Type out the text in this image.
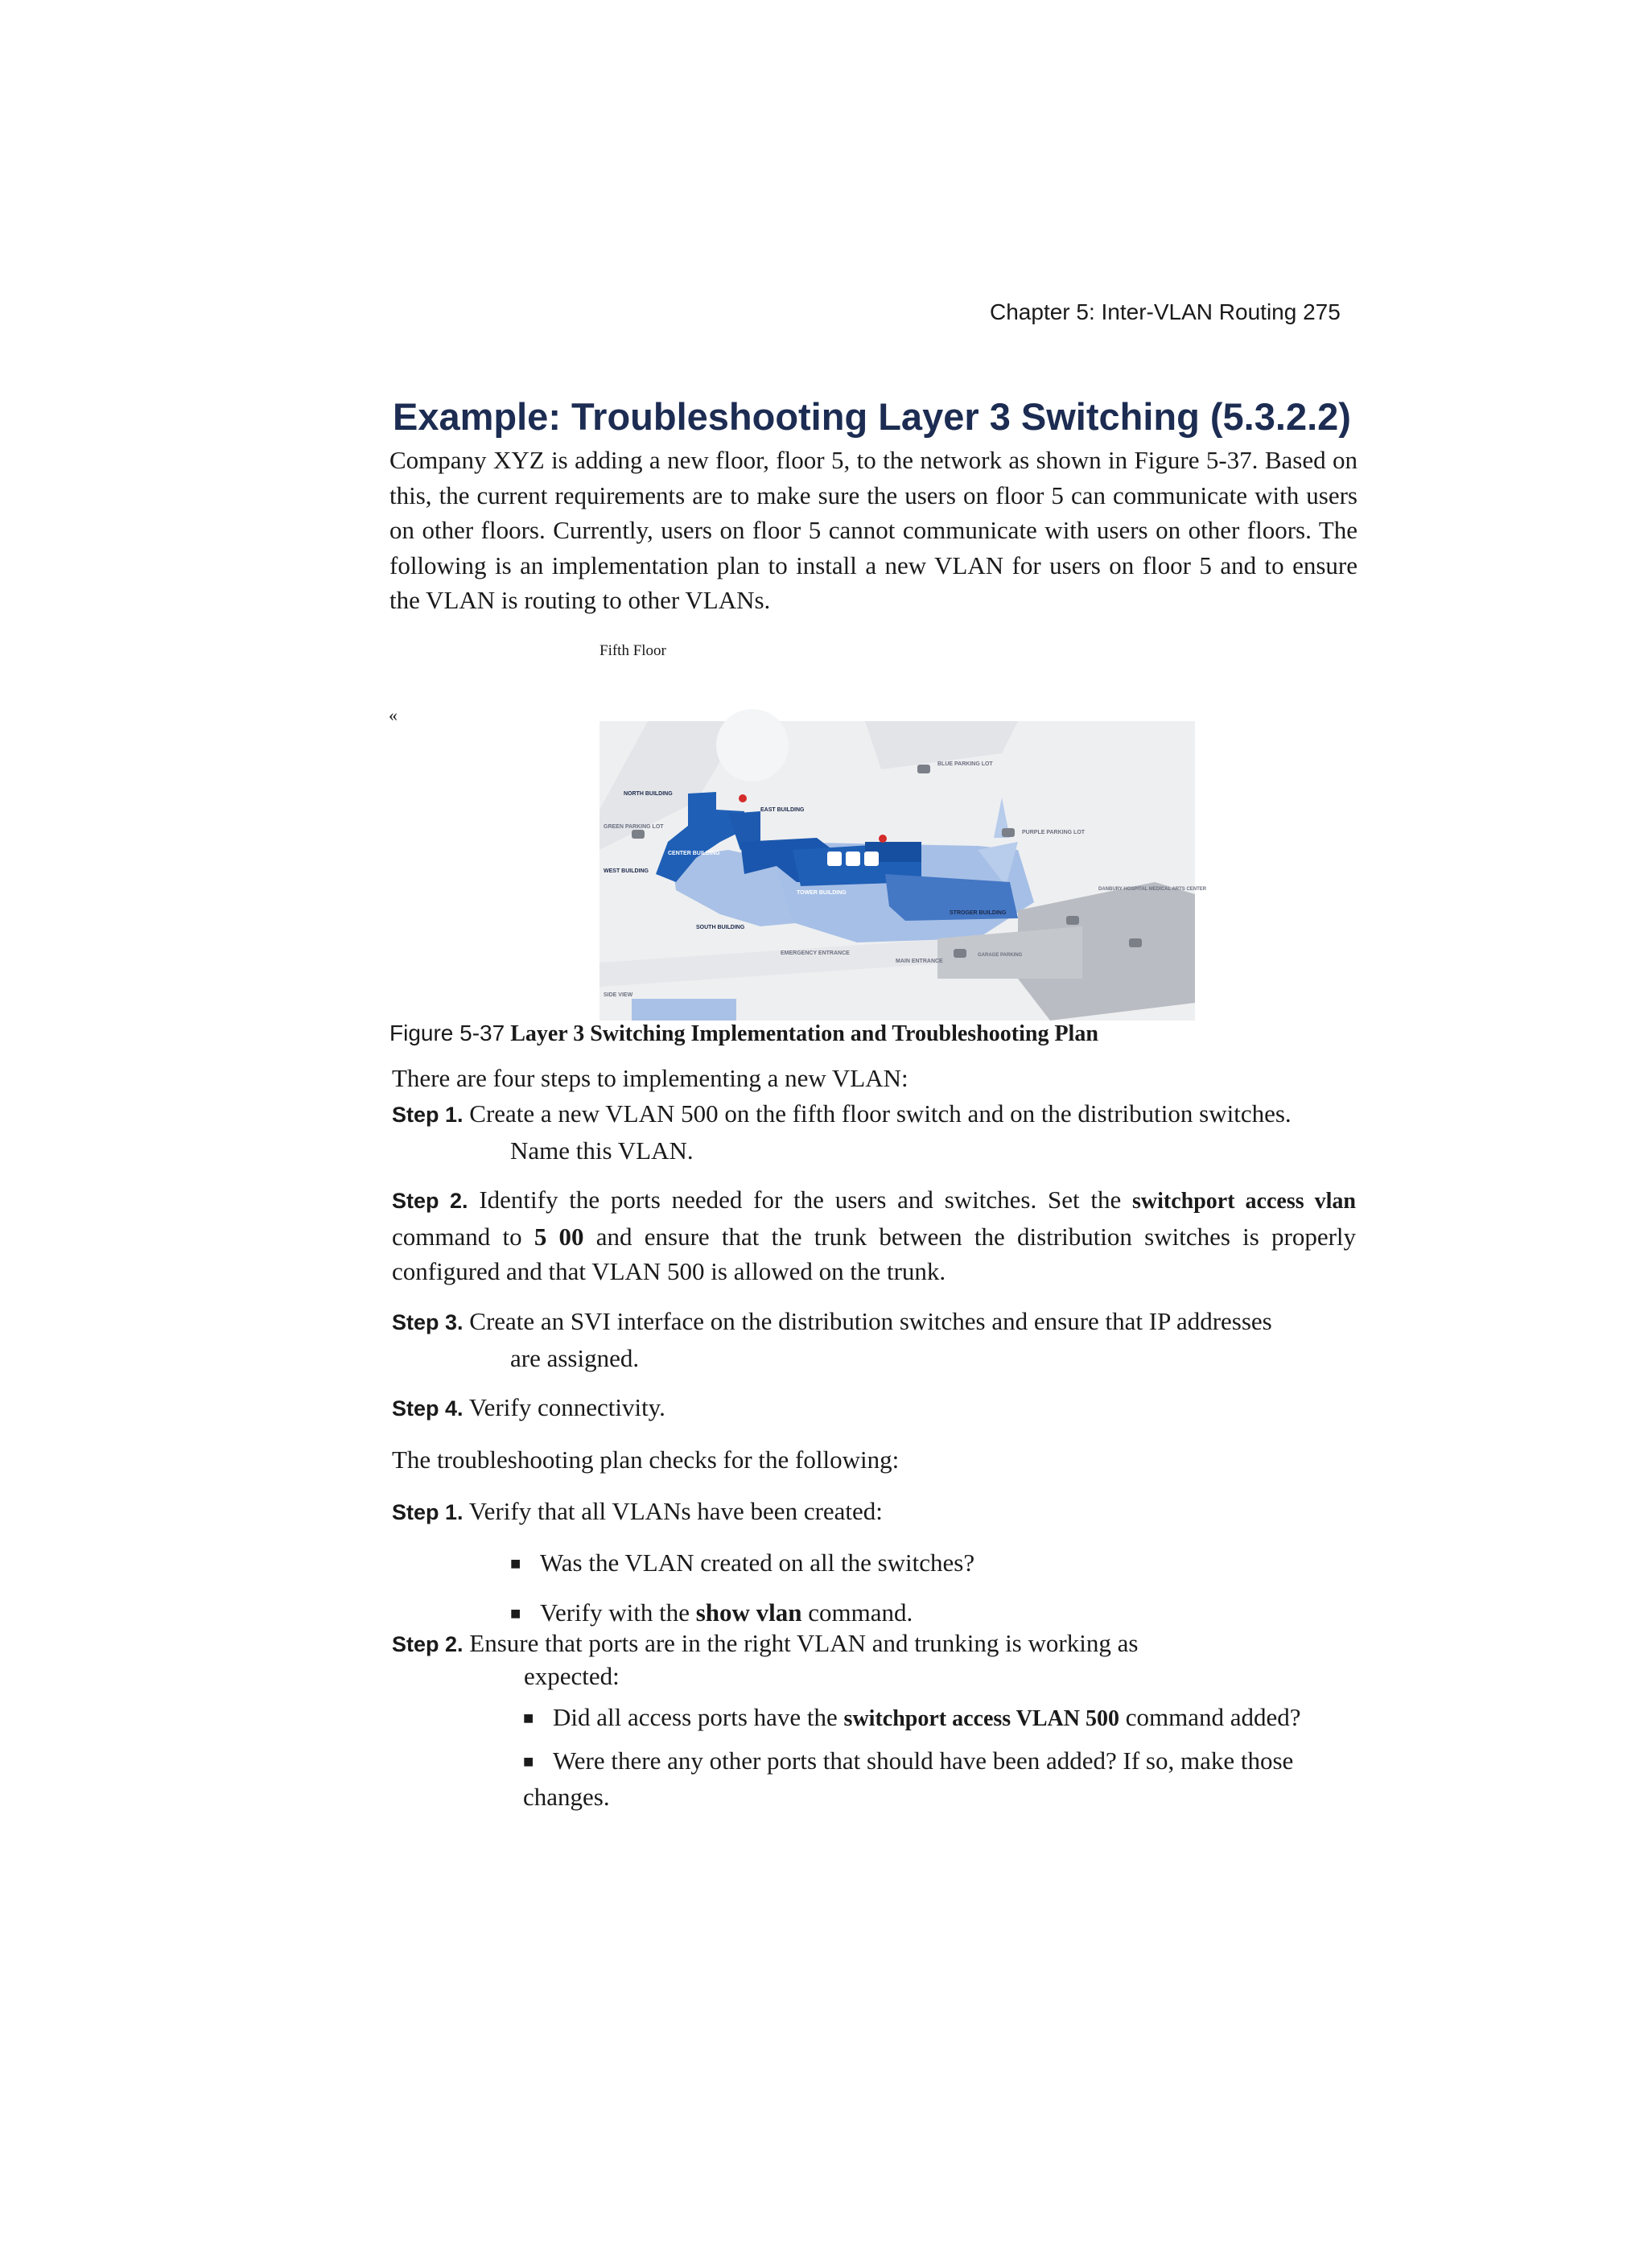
Chapter 5: Inter-VLAN Routing 275
Example: Troubleshooting Layer 3 Switching (5.3.2.2)
Company XYZ is adding a new floor, floor 5, to the network as shown in Figure 5-37. Based on this, the current requirements are to make sure the users on floor 5 can communicate with users on other floors. Currently, users on floor 5 cannot communicate with users on other floors. The following is an implementation plan to install a new VLAN for users on floor 5 and to ensure the VLAN is routing to other VLANs.
Fifth Floor
«
NORTH BUILDING
EAST BUILDING
GREEN PARKING LOT
CENTER BUILDING
WEST BUILDING
SOUTH BUILDING
TOWER BUILDING
STROGER BUILDING
BLUE PARKING LOT
PURPLE PARKING LOT
DANBURY HOSPITAL MEDICAL ARTS CENTER
EMERGENCY ENTRANCE
MAIN ENTRANCE
GARAGE PARKING
SIDE VIEW
Figure 5-37 Layer 3 Switching Implementation and Troubleshooting Plan
There are four steps to implementing a new VLAN:
Step 1. Create a new VLAN 500 on the fifth floor switch and on the distribution switches.
Name this VLAN.
Step 2. Identify the ports needed for the users and switches. Set the switchport access vlan command to 5 00 and ensure that the trunk between the distribution switches is properly configured and that VLAN 500 is allowed on the trunk.
Step 3. Create an SVI interface on the distribution switches and ensure that IP addresses
are assigned.
Step 4. Verify connectivity.
The troubleshooting plan checks for the following:
Step 1. Verify that all VLANs have been created:
■ Was the VLAN created on all the switches?
■ Verify with the show vlan command.
Step 2. Ensure that ports are in the right VLAN and trunking is working as
expected:
■ Did all access ports have the switchport access VLAN 500 command added?
■ Were there any other ports that should have been added? If so, make those
changes.
